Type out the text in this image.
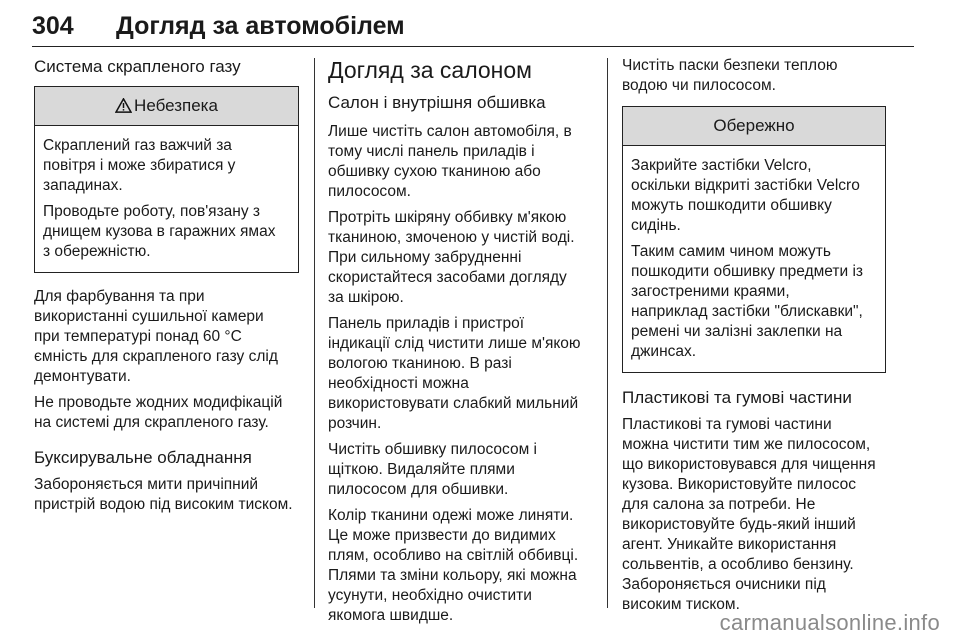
304 Догляд за автомобілем
Система скрапленого газу
Небезпека

Скраплений газ важчий за
повітря і може збиратися у
западинах.

Проводьте роботу, пов'язану з
днищем кузова в гаражних ямах
з обережністю.

Для фарбування та при
використанні сушильної камери
при температурі понад 60 °C
ємність для скрапленого газу слід
демонтувати.

Не проводьте жодних модифікацій
на системі для скрапленого газу.

Буксирувальне обладнання

Забороняється мити причіпний
пристрій водою під високим тиском.

Догляд за салоном
Салон і внутрішня обшивка

Лише чистіть салон автомобіля, в
тому числі панель приладів і
обшивку сухою тканиною або
пилососом.

Протріть шкіряну оббивку м'якою
тканиною, змоченою у чистій воді.
При сильному забрудненні
скористайтеся засобами догляду
за шкірою.

Панель приладів і пристрої
індикації слід чистити лише м'якою
вологою тканиною. В разі
необхідності можна
використовувати слабкий мильний
розчин.

Чистіть обшивку пилососом і
щіткою. Видаляйте плями
пилососом для обшивки.

Колір тканини одежі може линяти.
Це може призвести до видимих
плям, особливо на світлій оббивці.
Плями та зміни кольору, які можна
усунути, необхідно очистити
якомога швидше.

Чистіть паски безпеки теплою
водою чи пилососом.

Обережно

Закрийте застібки Velcro,
оскільки відкриті застібки Velcro
можуть пошкодити обшивку
сидінь.

Таким самим чином можуть
пошкодити обшивку предмети із
загостреними краями,
наприклад застібки "блискавки",
ремені чи залізні заклепки на
джинсах.

Пластикові та гумові частини

Пластикові та гумові частини
можна чистити тим же пилососом,
що використовувався для чищення
кузова. Використовуйте пилосос
для салона за потреби. Не
використовуйте будь-який інший
агент. Уникайте використання
сольвентів, а особливо бензину.
Забороняється очисники під
високим тиском.

carmanualsonline.info
